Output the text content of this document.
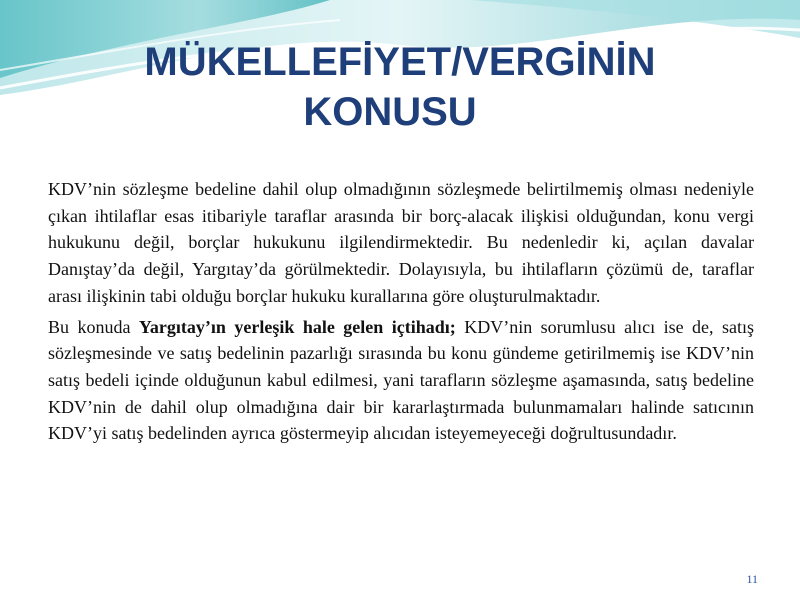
MÜKELLEFİYET/VERGİNİN
KONUSU

KDV’nin sözleşme bedeline dahil olup olmadığının sözleşmede belirtilmemiş olması nedeniyle çıkan ihtilaflar esas itibariyle taraflar arasında bir borç-alacak ilişkisi olduğundan, konu vergi hukukunu değil, borçlar hukukunu ilgilendirmektedir. Bu nedenledir ki, açılan davalar Danıştay’da değil, Yargıtay’da görülmektedir. Dolayısıyla, bu ihtilafların çözümü de, taraflar arası ilişkinin tabi olduğu borçlar hukuku kurallarına göre oluşturulmaktadır.

Bu konuda Yargıtay’ın yerleşik hale gelen içtihadı; KDV’nin sorumlusu alıcı ise de, satış sözleşmesinde ve satış bedelinin pazarlığı sırasında bu konu gündeme getirilmemiş ise KDV’nin satış bedeli içinde olduğunun kabul edilmesi, yani tarafların sözleşme aşamasında, satış bedeline KDV’nin de dahil olup olmadığına dair bir kararlaştırmada bulunmamaları halinde satıcının KDV’yi satış bedelinden ayrıca göstermeyip alıcıdan isteyemeyeceği doğrultusundadır.

11
